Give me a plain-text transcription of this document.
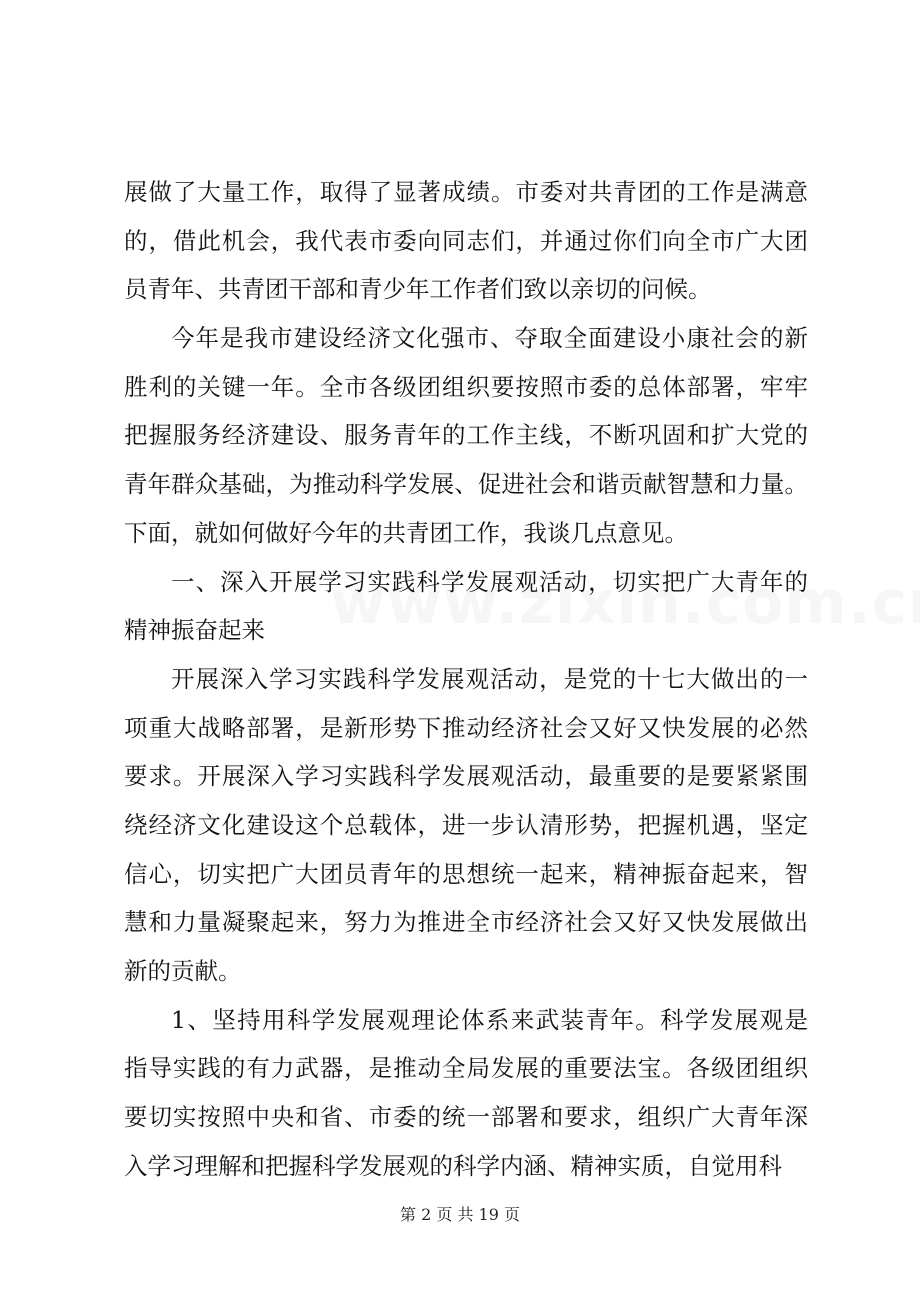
展做了大量工作，取得了显著成绩。市委对共青团的工作是满意
的，借此机会，我代表市委向同志们，并通过你们向全市广大团
员青年、共青团干部和青少年工作者们致以亲切的问候。
今年是我市建设经济文化强市、夺取全面建设小康社会的新
胜利的关键一年。全市各级团组织要按照市委的总体部署，牢牢
把握服务经济建设、服务青年的工作主线，不断巩固和扩大党的
青年群众基础，为推动科学发展、促进社会和谐贡献智慧和力量。
下面，就如何做好今年的共青团工作，我谈几点意见。
一、深入开展学习实践科学发展观活动，切实把广大青年的
精神振奋起来
开展深入学习实践科学发展观活动，是党的十七大做出的一
项重大战略部署，是新形势下推动经济社会又好又快发展的必然
要求。开展深入学习实践科学发展观活动，最重要的是要紧紧围
绕经济文化建设这个总载体，进一步认清形势，把握机遇，坚定
信心，切实把广大团员青年的思想统一起来，精神振奋起来，智
慧和力量凝聚起来，努力为推进全市经济社会又好又快发展做出
新的贡献。
1、坚持用科学发展观理论体系来武装青年。科学发展观是
指导实践的有力武器，是推动全局发展的重要法宝。各级团组织
要切实按照中央和省、市委的统一部署和要求，组织广大青年深
入学习理解和把握科学发展观的科学内涵、精神实质，自觉用科
第 2 页 共 19 页
